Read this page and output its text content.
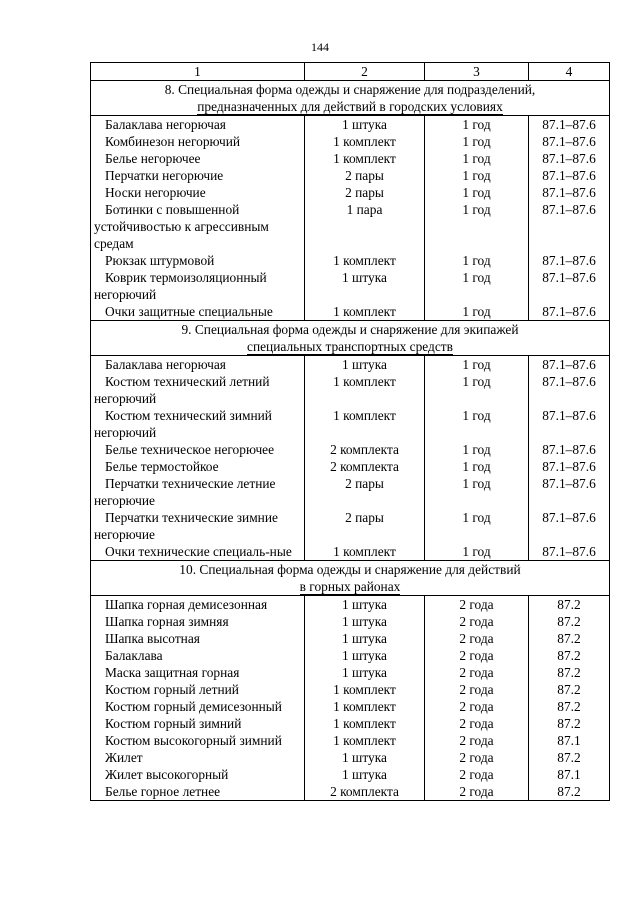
144
1	2	3	4
8. Специальная форма одежды и снаряжение для подразделений,
предназначенных для действий в городских условиях			
Балаклава негорючая	1 штука	1 год	87.1–87.6
Комбинезон негорючий	1 комплект	1 год	87.1–87.6
Белье негорючее	1 комплект	1 год	87.1–87.6
Перчатки негорючие	2 пары	1 год	87.1–87.6
Носки негорючие	2 пары	1 год	87.1–87.6
Ботинки с повышенной устойчивостью к агрессивным средам	1 пара	1 год	87.1–87.6
Рюкзак штурмовой	1 комплект	1 год	87.1–87.6
Коврик термоизоляционный негорючий	1 штука	1 год	87.1–87.6
Очки защитные специальные	1 комплект	1 год	87.1–87.6
9. Специальная форма одежды и снаряжение для экипажей
специальных транспортных средств			
Балаклава негорючая	1 штука	1 год	87.1–87.6
Костюм технический летний негорючий	1 комплект	1 год	87.1–87.6
Костюм технический зимний негорючий	1 комплект	1 год	87.1–87.6
Белье техническое негорючее	2 комплекта	1 год	87.1–87.6
Белье термостойкое	2 комплекта	1 год	87.1–87.6
Перчатки технические летние негорючие	2 пары	1 год	87.1–87.6
Перчатки технические зимние негорючие	2 пары	1 год	87.1–87.6
Очки технические специаль-ные	1 комплект	1 год	87.1–87.6
10. Специальная форма одежды и снаряжение для действий
в горных районах			
Шапка горная демисезонная	1 штука	2 года	87.2
Шапка горная зимняя	1 штука	2 года	87.2
Шапка высотная	1 штука	2 года	87.2
Балаклава	1 штука	2 года	87.2
Маска защитная горная	1 штука	2 года	87.2
Костюм горный летний	1 комплект	2 года	87.2
Костюм горный демисезонный	1 комплект	2 года	87.2
Костюм горный зимний	1 комплект	2 года	87.2
Костюм высокогорный зимний	1 комплект	2 года	87.1
Жилет	1 штука	2 года	87.2
Жилет высокогорный	1 штука	2 года	87.1
Белье горное летнее	2 комплекта	2 года	87.2
